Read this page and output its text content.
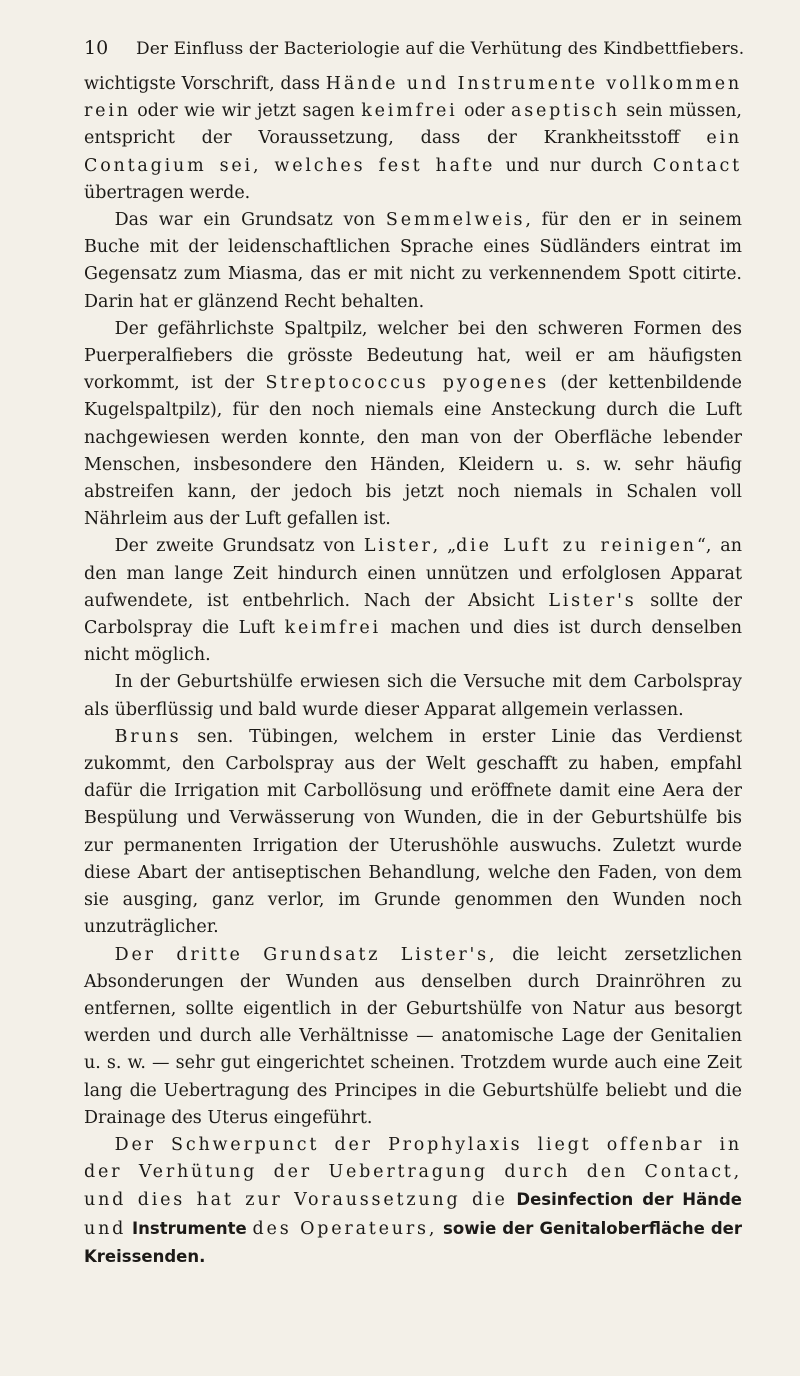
10	Der Einfluss der Bacteriologie auf die Verhütung des Kindbettfiebers.

wichtigste Vorschrift, dass Hände und Instrumente vollkommen rein oder wie wir jetzt sagen keimfrei oder aseptisch sein müssen, entspricht der Voraussetzung, dass der Krankheitsstoff ein Contagium sei, welches fest hafte und nur durch Contact übertragen werde.

Das war ein Grundsatz von Semmelweis, für den er in seinem Buche mit der leidenschaftlichen Sprache eines Südländers eintrat im Gegensatz zum Miasma, das er mit nicht zu verkennendem Spott citirte. Darin hat er glänzend Recht behalten.

Der gefährlichste Spaltpilz, welcher bei den schweren Formen des Puerperalfiebers die grösste Bedeutung hat, weil er am häufigsten vorkommt, ist der Streptococcus pyogenes (der kettenbildende Kugelspaltpilz), für den noch niemals eine Ansteckung durch die Luft nachgewiesen werden konnte, den man von der Oberfläche lebender Menschen, insbesondere den Händen, Kleidern u. s. w. sehr häufig abstreifen kann, der jedoch bis jetzt noch niemals in Schalen voll Nährleim aus der Luft gefallen ist.

Der zweite Grundsatz von Lister, „die Luft zu reinigen“, an den man lange Zeit hindurch einen unnützen und erfolglosen Apparat aufwendete, ist entbehrlich. Nach der Absicht Lister's sollte der Carbolspray die Luft keimfrei machen und dies ist durch denselben nicht möglich.

In der Geburtshülfe erwiesen sich die Versuche mit dem Carbolspray als überflüssig und bald wurde dieser Apparat allgemein verlassen.

Bruns sen. Tübingen, welchem in erster Linie das Verdienst zukommt, den Carbolspray aus der Welt geschafft zu haben, empfahl dafür die Irrigation mit Carbollösung und eröffnete damit eine Aera der Bespülung und Verwässerung von Wunden, die in der Geburtshülfe bis zur permanenten Irrigation der Uterushöhle auswuchs. Zuletzt wurde diese Abart der antiseptischen Behandlung, welche den Faden, von dem sie ausging, ganz verlor, im Grunde genommen den Wunden noch unzuträglicher.

Der dritte Grundsatz Lister's, die leicht zersetzlichen Absonderungen der Wunden aus denselben durch Drainröhren zu entfernen, sollte eigentlich in der Geburtshülfe von Natur aus besorgt werden und durch alle Verhältnisse — anatomische Lage der Genitalien u. s. w. — sehr gut eingerichtet scheinen. Trotzdem wurde auch eine Zeit lang die Uebertragung des Principes in die Geburtshülfe beliebt und die Drainage des Uterus eingeführt.

Der Schwerpunct der Prophylaxis liegt offenbar in der Verhütung der Uebertragung durch den Contact, und dies hat zur Voraussetzung die Desinfection der Hände und Instrumente des Operateurs, sowie der Genitaloberfläche der Kreissenden.
